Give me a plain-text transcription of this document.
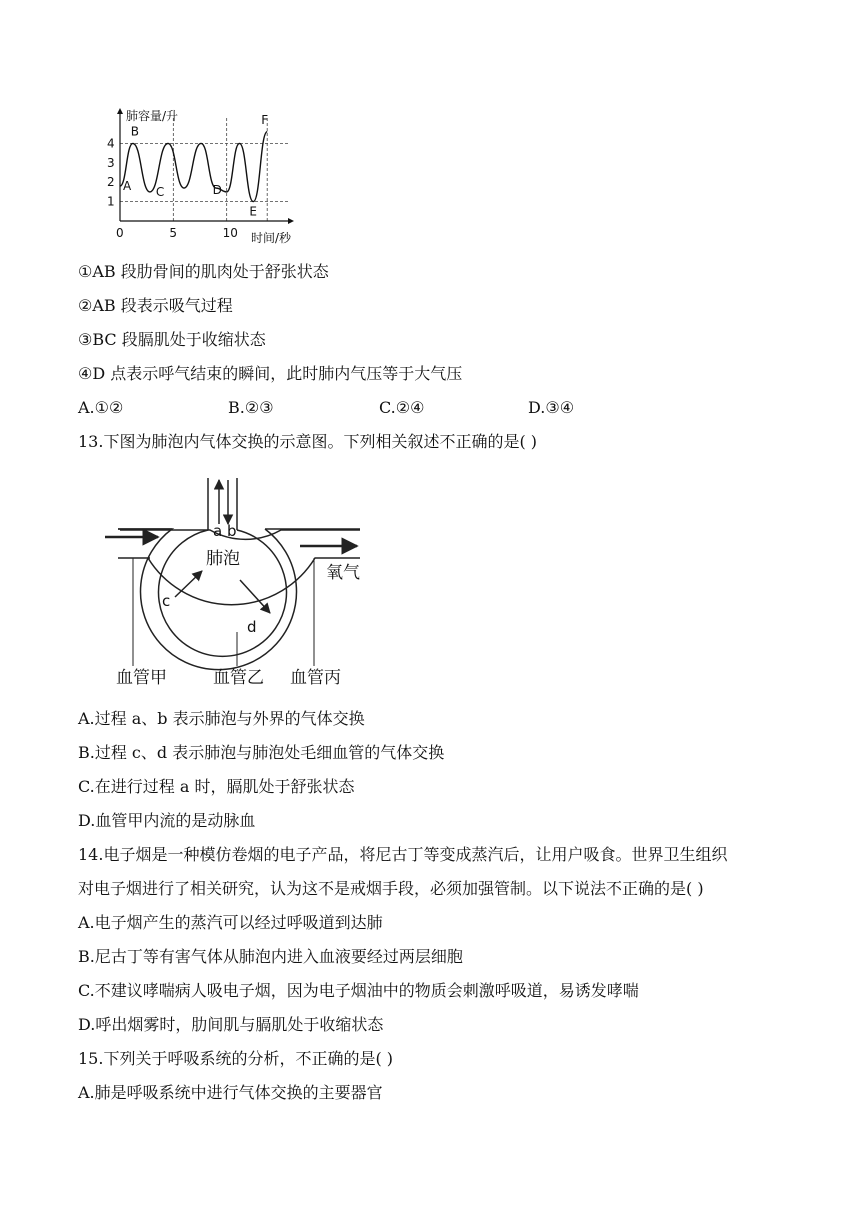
0	5	10
1
2
3
4
A
B
C	D
E
F
肺容量/升
时间/秒
①AB 段肋骨间的肌肉处于舒张状态
②AB 段表示吸气过程
③BC 段膈肌处于收缩状态
④D 点表示呼气结束的瞬间，此时肺内气压等于大气压
A.①②	B.②③	C.②④	D.③④
13.下图为肺泡内气体交换的示意图。下列相关叙述不正确的是( )
a b
肺泡
氧气
c
d
血管甲	血管乙 血管丙
A.过程 a、b 表示肺泡与外界的气体交换
B.过程 c、d 表示肺泡与肺泡处毛细血管的气体交换
C.在进行过程 a 时，膈肌处于舒张状态
D.血管甲内流的是动脉血
14.电子烟是一种模仿卷烟的电子产品，将尼古丁等变成蒸汽后，让用户吸食。世界卫生组织
对电子烟进行了相关研究，认为这不是戒烟手段，必须加强管制。以下说法不正确的是( )
A.电子烟产生的蒸汽可以经过呼吸道到达肺
B.尼古丁等有害气体从肺泡内进入血液要经过两层细胞
C.不建议哮喘病人吸电子烟，因为电子烟油中的物质会刺激呼吸道，易诱发哮喘
D.呼出烟雾时，肋间肌与膈肌处于收缩状态
15.下列关于呼吸系统的分析，不正确的是( )
A.肺是呼吸系统中进行气体交换的主要器官
